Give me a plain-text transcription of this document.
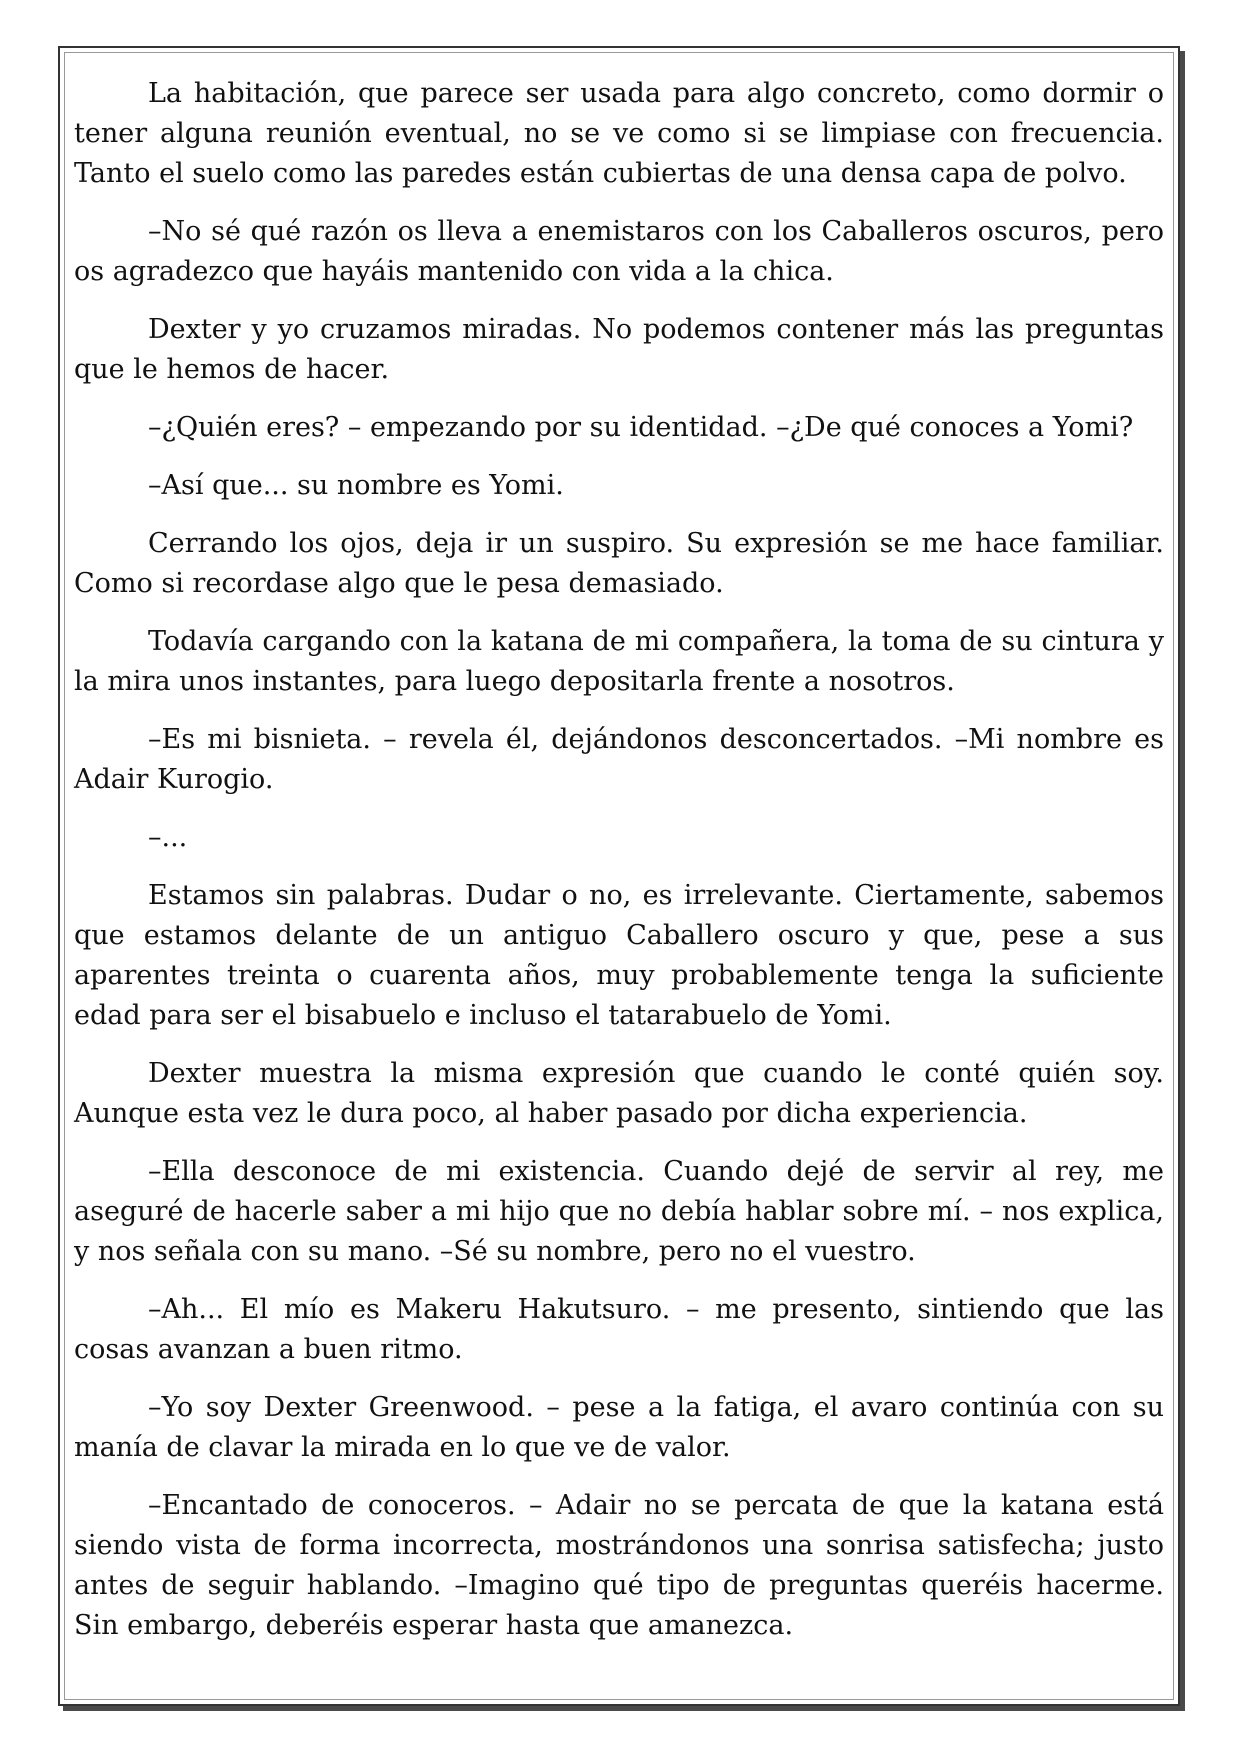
La habitación, que parece ser usada para algo concreto, como dormir o tener alguna reunión eventual, no se ve como si se limpiase con frecuencia. Tanto el suelo como las paredes están cubiertas de una densa capa de polvo.

–No sé qué razón os lleva a enemistaros con los Caballeros oscuros, pero os agradezco que hayáis mantenido con vida a la chica.

Dexter y yo cruzamos miradas. No podemos contener más las preguntas que le hemos de hacer.

–¿Quién eres? – empezando por su identidad. –¿De qué conoces a Yomi?

–Así que... su nombre es Yomi.

Cerrando los ojos, deja ir un suspiro. Su expresión se me hace familiar. Como si recordase algo que le pesa demasiado.

Todavía cargando con la katana de mi compañera, la toma de su cintura y la mira unos instantes, para luego depositarla frente a nosotros.

–Es mi bisnieta. – revela él, dejándonos desconcertados. –Mi nombre es Adair Kurogio.

–...

Estamos sin palabras. Dudar o no, es irrelevante. Ciertamente, sabemos que estamos delante de un antiguo Caballero oscuro y que, pese a sus aparentes treinta o cuarenta años, muy probablemente tenga la suficiente edad para ser el bisabuelo e incluso el tatarabuelo de Yomi.

Dexter muestra la misma expresión que cuando le conté quién soy. Aunque esta vez le dura poco, al haber pasado por dicha experiencia.

–Ella desconoce de mi existencia. Cuando dejé de servir al rey, me aseguré de hacerle saber a mi hijo que no debía hablar sobre mí. – nos explica, y nos señala con su mano. –Sé su nombre, pero no el vuestro.

–Ah... El mío es Makeru Hakutsuro. – me presento, sintiendo que las cosas avanzan a buen ritmo.

–Yo soy Dexter Greenwood. – pese a la fatiga, el avaro continúa con su manía de clavar la mirada en lo que ve de valor.

–Encantado de conoceros. – Adair no se percata de que la katana está siendo vista de forma incorrecta, mostrándonos una sonrisa satisfecha; justo antes de seguir hablando. –Imagino qué tipo de preguntas queréis hacerme. Sin embargo, deberéis esperar hasta que amanezca.
